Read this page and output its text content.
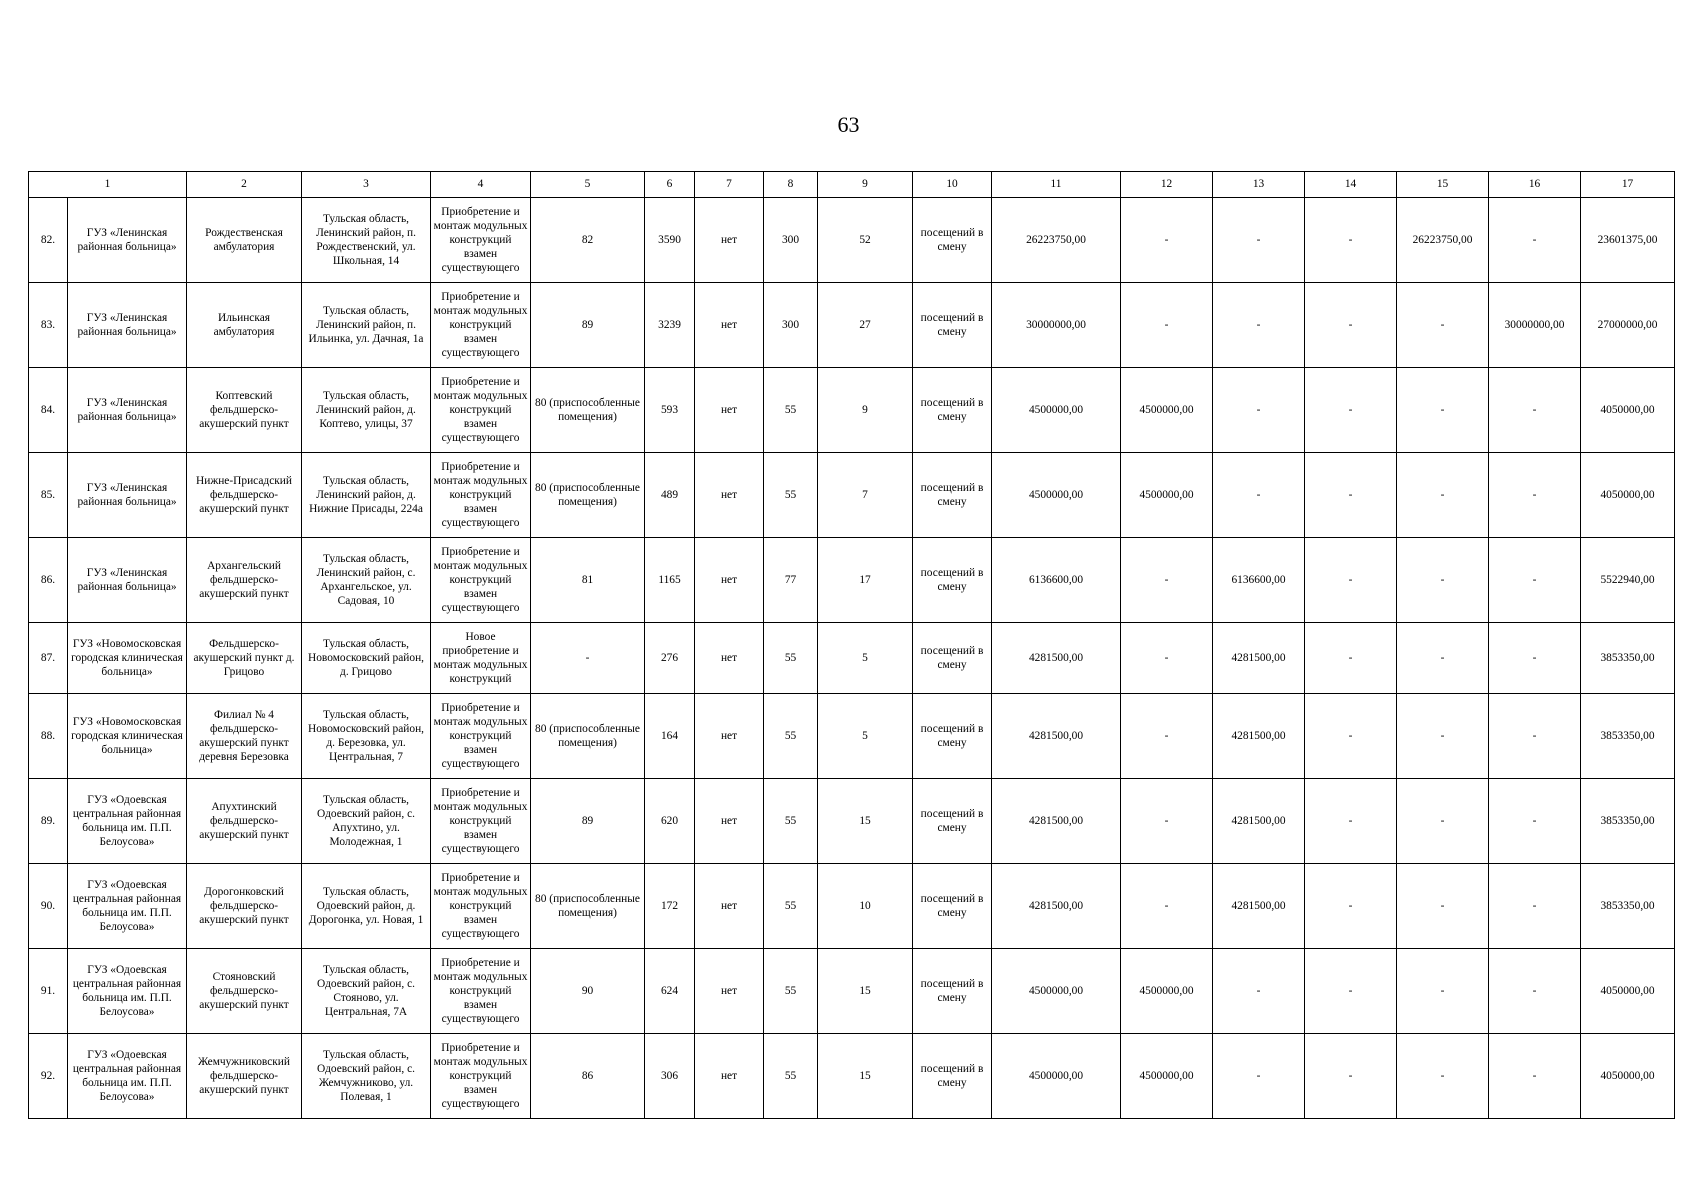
63
1		2	3	4	5	6	7	8	9	10	11	12	13	14	15	16	17
82.	ГУЗ «Ленинская районная больница»	Рождественская амбулатория	Тульская область, Ленинский район, п. Рождественский, ул. Школьная, 14	Приобретение и монтаж модульных конструкций взамен существующего	82	3590	нет	300	52	посещений в смену	26223750,00	-	-	-	26223750,00	-	23601375,00
83.	ГУЗ «Ленинская районная больница»	Ильинская амбулатория	Тульская область, Ленинский район, п. Ильинка, ул. Дачная, 1а	Приобретение и монтаж модульных конструкций взамен существующего	89	3239	нет	300	27	посещений в смену	30000000,00	-	-	-	-	30000000,00	27000000,00
84.	ГУЗ «Ленинская районная больница»	Коптевский фельдшерско-акушерский пункт	Тульская область, Ленинский район, д. Коптево, улицы, 37	Приобретение и монтаж модульных конструкций взамен существующего	80 (приспособленные помещения)	593	нет	55	9	посещений в смену	4500000,00	4500000,00	-	-	-	-	4050000,00
85.	ГУЗ «Ленинская районная больница»	Нижне-Присадский фельдшерско-акушерский пункт	Тульская область, Ленинский район, д. Нижние Присады, 224а	Приобретение и монтаж модульных конструкций взамен существующего	80 (приспособленные помещения)	489	нет	55	7	посещений в смену	4500000,00	4500000,00	-	-	-	-	4050000,00
86.	ГУЗ «Ленинская районная больница»	Архангельский фельдшерско-акушерский пункт	Тульская область, Ленинский район, с. Архангельское, ул. Садовая, 10	Приобретение и монтаж модульных конструкций взамен существующего	81	1165	нет	77	17	посещений в смену	6136600,00	-	6136600,00	-	-	-	5522940,00
87.	ГУЗ «Новомосковская городская клиническая больница»	Фельдшерско-акушерский пункт д. Грицово	Тульская область, Новомосковский район, д. Грицово	Новое приобретение и монтаж модульных конструкций	-	276	нет	55	5	посещений в смену	4281500,00	-	4281500,00	-	-	-	3853350,00
88.	ГУЗ «Новомосковская городская клиническая больница»	Филиал № 4 фельдшерско-акушерский пункт деревня Березовка	Тульская область, Новомосковский район, д. Березовка, ул. Центральная, 7	Приобретение и монтаж модульных конструкций взамен существующего	80 (приспособленные помещения)	164	нет	55	5	посещений в смену	4281500,00	-	4281500,00	-	-	-	3853350,00
89.	ГУЗ «Одоевская центральная районная больница им. П.П. Белоусова»	Апухтинский фельдшерско-акушерский пункт	Тульская область, Одоевский район, с. Апухтино, ул. Молодежная, 1	Приобретение и монтаж модульных конструкций взамен существующего	89	620	нет	55	15	посещений в смену	4281500,00	-	4281500,00	-	-	-	3853350,00
90.	ГУЗ «Одоевская центральная районная больница им. П.П. Белоусова»	Дорогонковский фельдшерско-акушерский пункт	Тульская область, Одоевский район, д. Дорогонка, ул. Новая, 1	Приобретение и монтаж модульных конструкций взамен существующего	80 (приспособленные помещения)	172	нет	55	10	посещений в смену	4281500,00	-	4281500,00	-	-	-	3853350,00
91.	ГУЗ «Одоевская центральная районная больница им. П.П. Белоусова»	Стояновский фельдшерско-акушерский пункт	Тульская область, Одоевский район, с. Стояново, ул. Центральная, 7А	Приобретение и монтаж модульных конструкций взамен существующего	90	624	нет	55	15	посещений в смену	4500000,00	4500000,00	-	-	-	-	4050000,00
92.	ГУЗ «Одоевская центральная районная больница им. П.П. Белоусова»	Жемчужниковский фельдшерско-акушерский пункт	Тульская область, Одоевский район, с. Жемчужниково, ул. Полевая, 1	Приобретение и монтаж модульных конструкций взамен существующего	86	306	нет	55	15	посещений в смену	4500000,00	4500000,00	-	-	-	-	4050000,00
